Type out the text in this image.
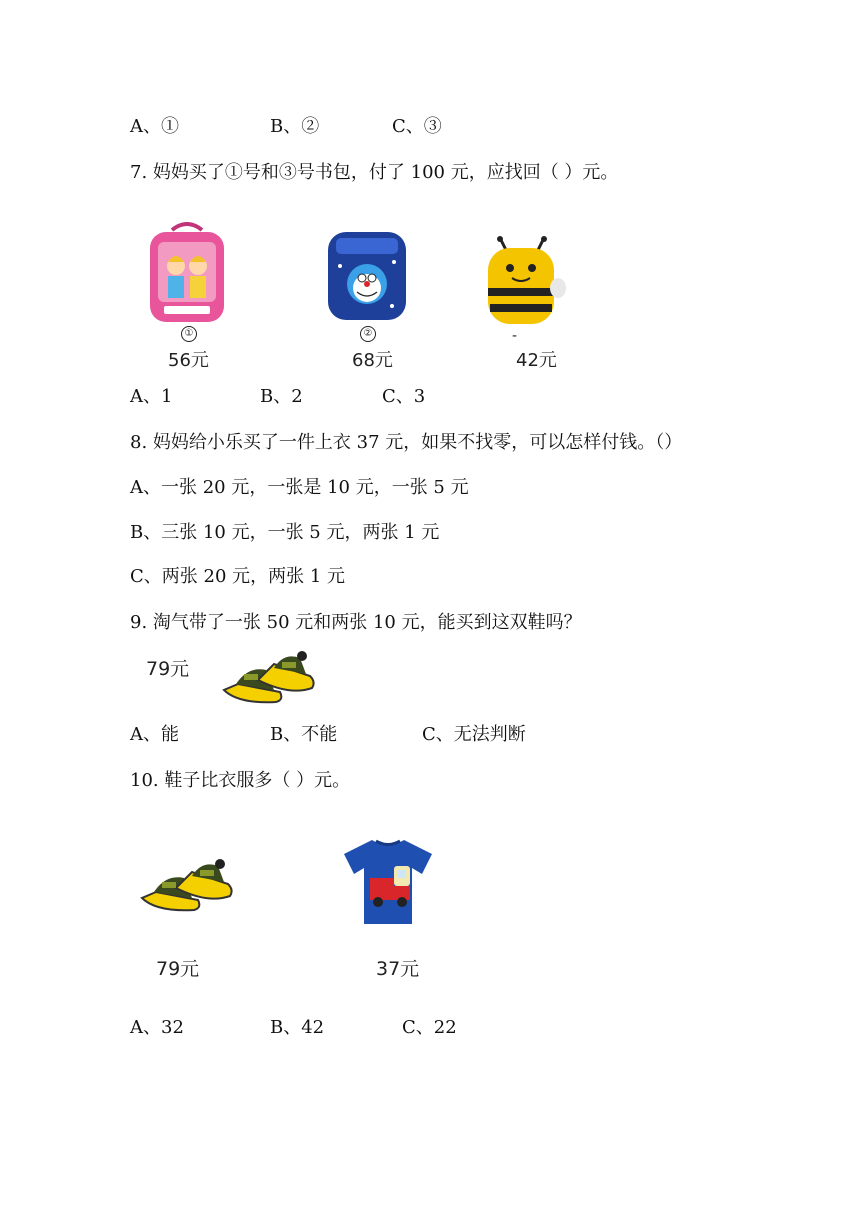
A、①	B、②	C、③
7. 妈妈买了①号和③号书包，付了 100 元，应找回（ ）元。
①
56元
②
68元
-
42元
A、1	B、2	C、3
8. 妈妈给小乐买了一件上衣 37 元，如果不找零，可以怎样付钱。（）
A、一张 20 元，一张是 10 元，一张 5 元
B、三张 10 元，一张 5 元，两张 1 元
C、两张 20 元，两张 1 元
9. 淘气带了一张 50 元和两张 10 元，能买到这双鞋吗？
79元
A、能	B、不能	C、无法判断
10. 鞋子比衣服多（ ）元。
79元	37元
A、32	B、42	C、22
